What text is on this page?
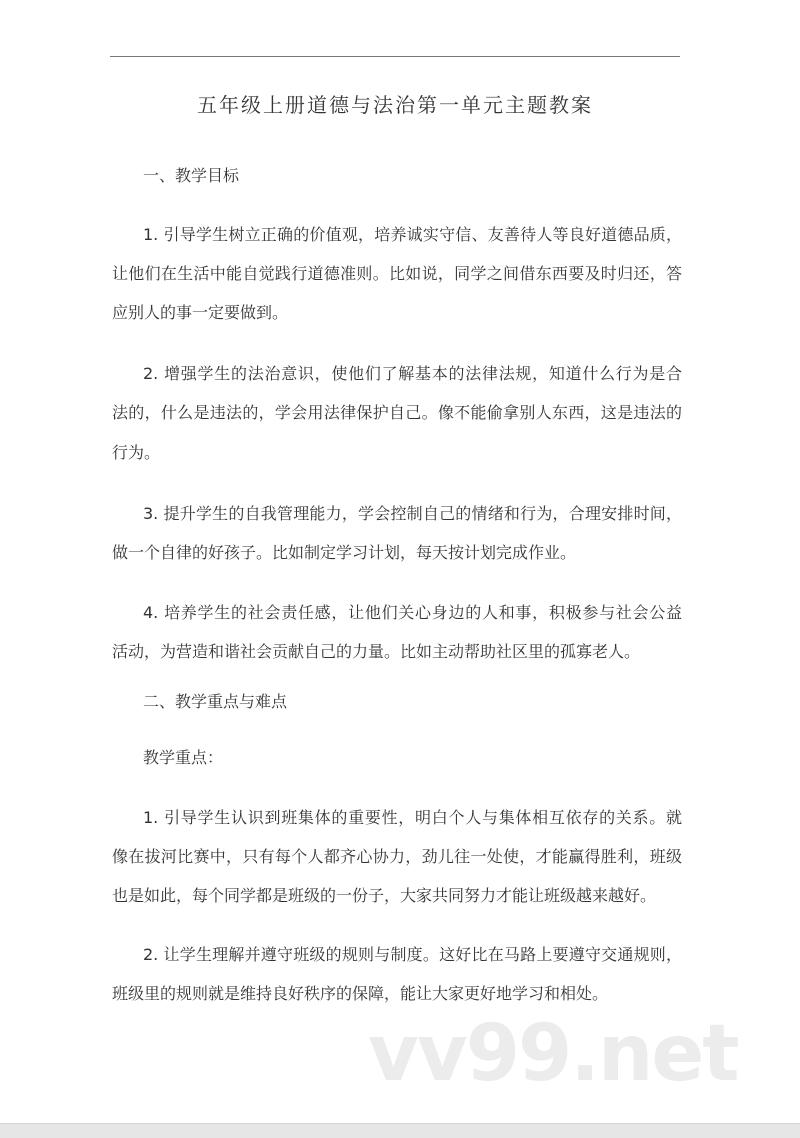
五年级上册道德与法治第一单元主题教案
一、教学目标
1. 引导学生树立正确的价值观，培养诚实守信、友善待人等良好道德品质，
让他们在生活中能自觉践行道德准则。比如说，同学之间借东西要及时归还，答
应别人的事一定要做到。
2. 增强学生的法治意识，使他们了解基本的法律法规，知道什么行为是合
法的，什么是违法的，学会用法律保护自己。像不能偷拿别人东西，这是违法的
行为。
3. 提升学生的自我管理能力，学会控制自己的情绪和行为，合理安排时间，
做一个自律的好孩子。比如制定学习计划，每天按计划完成作业。
4. 培养学生的社会责任感，让他们关心身边的人和事，积极参与社会公益
活动，为营造和谐社会贡献自己的力量。比如主动帮助社区里的孤寡老人。
二、教学重点与难点
教学重点：
1. 引导学生认识到班集体的重要性，明白个人与集体相互依存的关系。就
像在拔河比赛中，只有每个人都齐心协力，劲儿往一处使，才能赢得胜利，班级
也是如此，每个同学都是班级的一份子，大家共同努力才能让班级越来越好。
2. 让学生理解并遵守班级的规则与制度。这好比在马路上要遵守交通规则，
班级里的规则就是维持良好秩序的保障，能让大家更好地学习和相处。
vv99.net
